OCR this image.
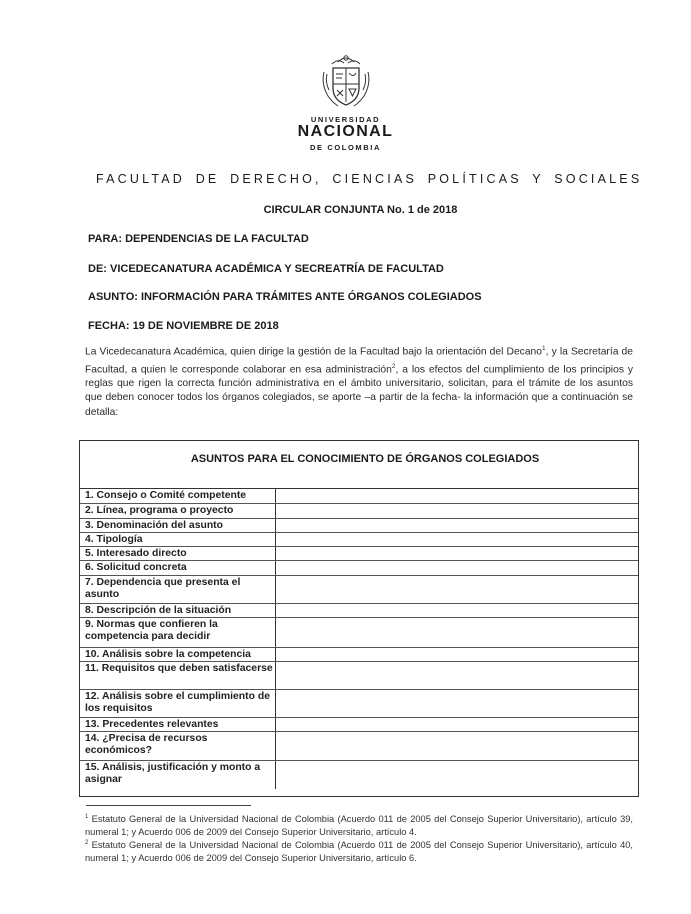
UNIVERSIDAD
NACIONAL
DE COLOMBIA
FACULTAD DE DERECHO, CIENCIAS POLÍTICAS Y SOCIALES
CIRCULAR CONJUNTA No. 1 de 2018
PARA: DEPENDENCIAS DE LA FACULTAD
DE: VICEDECANATURA ACADÉMICA Y SECREATRÍA DE FACULTAD
ASUNTO: INFORMACIÓN PARA TRÁMITES ANTE ÓRGANOS COLEGIADOS
FECHA: 19 DE NOVIEMBRE DE 2018
La Vicedecanatura Académica, quien dirige la gestión de la Facultad bajo la orientación del Decano$^1$, y la Secretaría de Facultad, a quien le corresponde colaborar en esa administración$^2$, a los efectos del cumplimiento de los principios y reglas que rigen la correcta función administrativa en el ámbito universitario, solicitan, para el trámite de los asuntos que deben conocer todos los órganos colegiados, se aporte –a partir de la fecha- la información que a continuación se detalla:
ASUNTOS PARA EL CONOCIMIENTO DE ÓRGANOS COLEGIADOS
1. Consejo o Comité competente
2. Línea, programa o proyecto
3. Denominación del asunto
4. Tipología
5. Interesado directo
6. Solicitud concreta
7. Dependencia que presenta el asunto
8. Descripción de la situación
9. Normas que confieren la competencia para decidir
10. Análisis sobre la competencia
11. Requisitos que deben satisfacerse
12. Análisis sobre el cumplimiento de los requisitos
13. Precedentes relevantes
14. ¿Precisa de recursos económicos?
15. Análisis, justificación y monto a asignar
$^1$ Estatuto General de la Universidad Nacional de Colombia (Acuerdo 011 de 2005 del Consejo Superior Universitario), artículo 39, numeral 1; y Acuerdo 006 de 2009 del Consejo Superior Universitario, artículo 4.
$^2$ Estatuto General de la Universidad Nacional de Colombia (Acuerdo 011 de 2005 del Consejo Superior Universitario), artículo 40, numeral 1; y Acuerdo 006 de 2009 del Consejo Superior Universitario, artículo 6.
